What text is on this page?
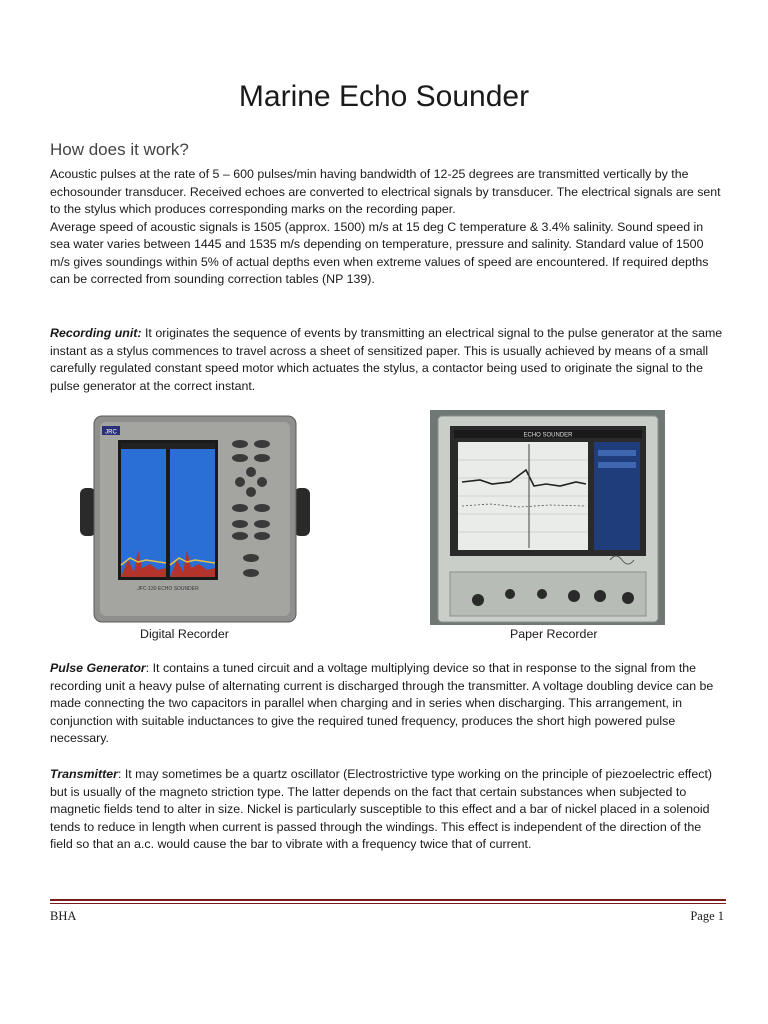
Marine Echo Sounder
How does it work?
Acoustic pulses at the rate of 5 – 600 pulses/min having bandwidth of 12-25 degrees are transmitted vertically by the echosounder transducer. Received echoes are converted to electrical signals by transducer. The electrical signals are sent to the stylus which produces corresponding marks on the recording paper.
Average speed of acoustic signals is 1505 (approx. 1500) m/s at 15 deg C temperature & 3.4% salinity. Sound speed in sea water varies between 1445 and 1535 m/s depending on temperature, pressure and salinity. Standard value of 1500 m/s gives soundings within 5% of actual depths even when extreme values of speed are encountered. If required depths can be corrected from sounding correction tables (NP 139).

Recording unit: It originates the sequence of events by transmitting an electrical signal to the pulse generator at the same instant as a stylus commences to travel across a sheet of sensitized paper. This is usually achieved by means of a small carefully regulated constant speed motor which actuates the stylus, a contactor being used to originate the signal to the pulse generator at the correct instant.

JRC
JFC-130 ECHO SOUNDER
Digital Recorder
ECHO SOUNDER
Paper Recorder

Pulse Generator: It contains a tuned circuit and a voltage multiplying device so that in response to the signal from the recording unit a heavy pulse of alternating current is discharged through the transmitter. A voltage doubling device can be made connecting the two capacitors in parallel when charging and in series when discharging. This arrangement, in conjunction with suitable inductances to give the required tuned frequency, produces the short high powered pulse necessary.

Transmitter: It may sometimes be a quartz oscillator (Electrostrictive type working on the principle of piezoelectric effect) but is usually of the magneto striction type. The latter depends on the fact that certain substances when subjected to magnetic fields tend to alter in size. Nickel is particularly susceptible to this effect and a bar of nickel placed in a solenoid tends to reduce in length when current is passed through the windings. This effect is independent of the direction of the field so that an a.c. would cause the bar to vibrate with a frequency twice that of current.

BHA	Page 1
